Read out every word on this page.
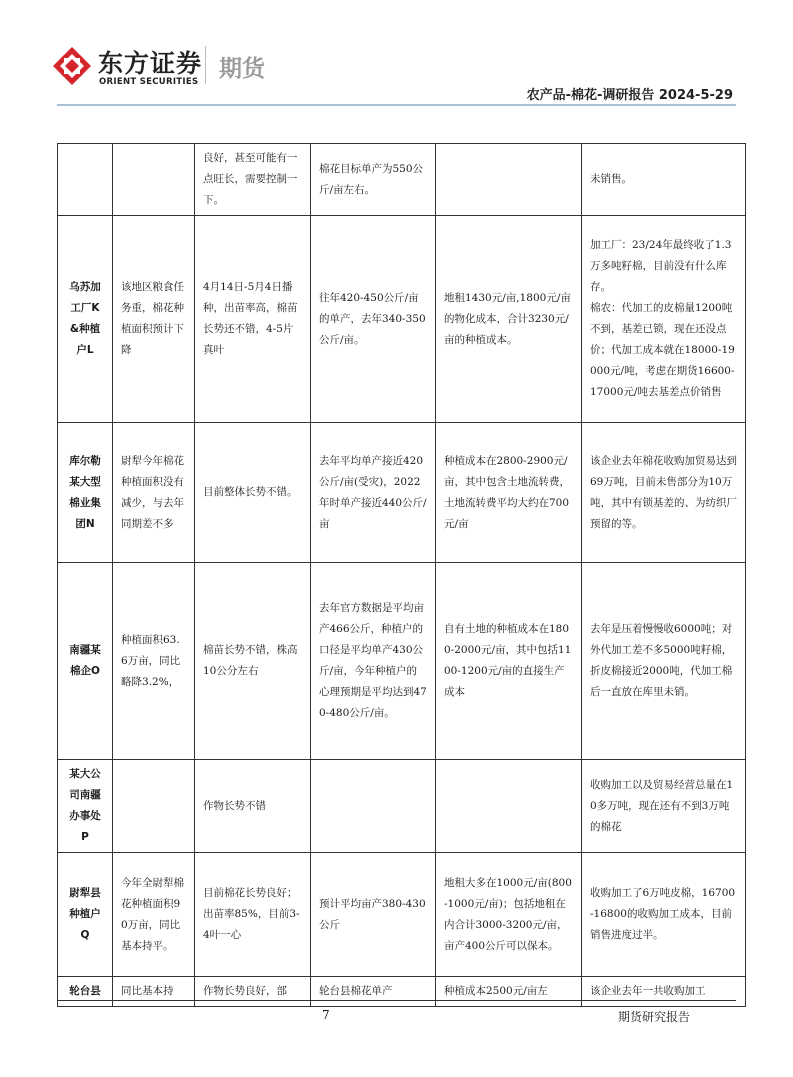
东方证券
ORIENT SECURITIES 期货
农产品-棉花-调研报告 2024-5-29
		良好，甚至可能有一点旺长，需要控制一下。	棉花目标单产为550公斤/亩左右。		未销售。
乌苏加工厂K&种植户L	该地区粮食任务重，棉花种植面积预计下降	4月14日-5月4日播种，出苗率高，棉苗长势还不错，4-5片真叶	往年420-450公斤/亩的单产，去年340-350公斤/亩。	地租1430元/亩,1800元/亩的物化成本，合计3230元/亩的种植成本。	加工厂：23/24年最终收了1.3万多吨籽棉，目前没有什么库存。
棉农：代加工的皮棉量1200吨不到，基差已锁，现在还没点价；代加工成本就在18000-19000元/吨，考虑在期货16600-17000元/吨去基差点价销售
库尔勒某大型棉业集团N	尉犁今年棉花种植面积没有减少，与去年同期差不多	目前整体长势不错。	去年平均单产接近420公斤/亩(受灾)，2022年时单产接近440公斤/亩	种植成本在2800-2900元/亩，其中包含土地流转费，土地流转费平均大约在700元/亩	该企业去年棉花收购加贸易达到69万吨，目前未售部分为10万吨，其中有锁基差的、为纺织厂预留的等。
南疆某棉企O	种植面积63.6万亩，同比略降3.2%，	棉苗长势不错，株高10公分左右	去年官方数据是平均亩产466公斤，种植户的口径是平均单产430公斤/亩，今年种植户的心理预期是平均达到470-480公斤/亩。	自有土地的种植成本在1800-2000元/亩，其中包括1100-1200元/亩的直接生产成本	去年是压着慢慢收6000吨；对外代加工差不多5000吨籽棉，折皮棉接近2000吨，代加工棉后一直放在库里未销。
某大公司南疆办事处P		作物长势不错			收购加工以及贸易经营总量在10多万吨，现在还有不到3万吨的棉花
尉犁县种植户Q	今年全尉犁棉花种植面积90万亩，同比基本持平。	目前棉花长势良好；出苗率85%，目前3-4叶一心	预计平均亩产380-430公斤	地租大多在1000元/亩(800-1000元/亩)；包括地租在内合计3000-3200元/亩，亩产400公斤可以保本。	收购加工了6万吨皮棉，16700-16800的收购加工成本，目前销售进度过半。
轮台县	同比基本持	作物长势良好，部	轮台县棉花单产	种植成本2500元/亩左	该企业去年一共收购加工
7	期货研究报告
